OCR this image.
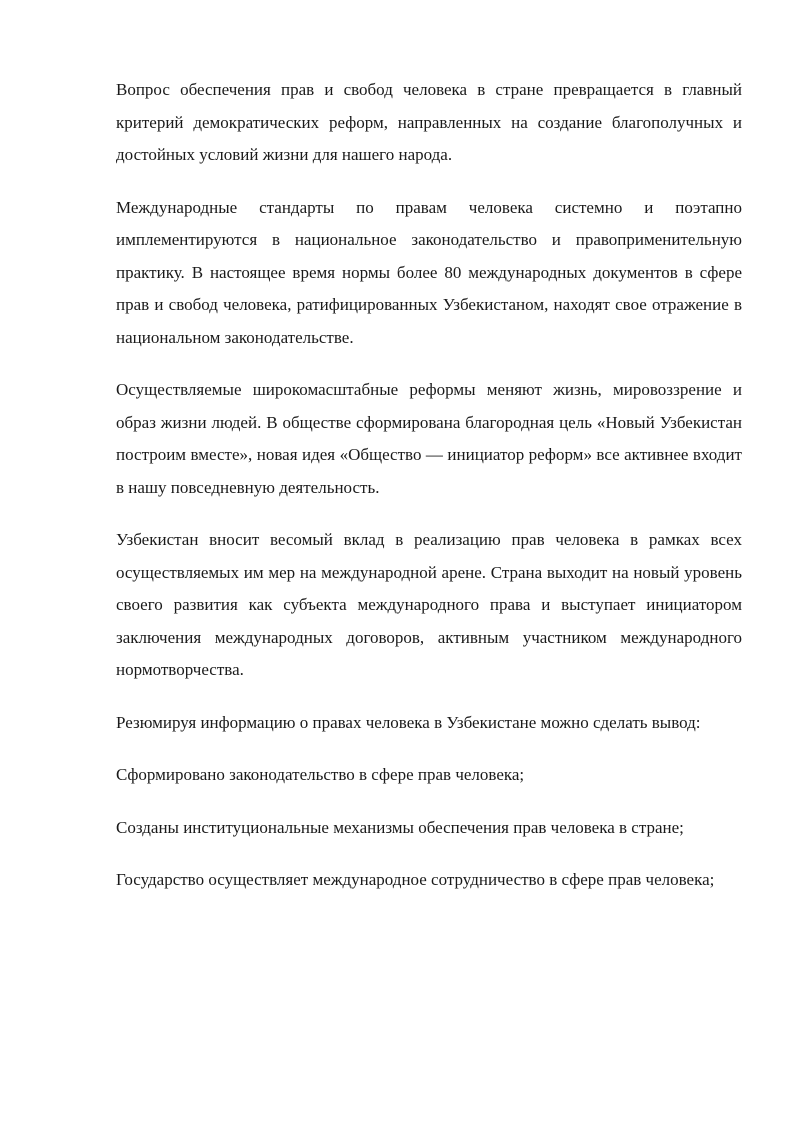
Вопрос обеспечения прав и свобод человека в стране превращается в главный критерий демократических реформ, направленных на создание благополучных и достойных условий жизни для нашего народа.

Международные стандарты по правам человека системно и поэтапно имплементируются в национальное законодательство и правоприменительную практику. В настоящее время нормы более 80 международных документов в сфере прав и свобод человека, ратифицированных Узбекистаном, находят свое отражение в национальном законодательстве.

Осуществляемые широкомасштабные реформы меняют жизнь, мировоззрение и образ жизни людей. В обществе сформирована благородная цель «Новый Узбекистан построим вместе», новая идея «Общество — инициатор реформ» все активнее входит в нашу повседневную деятельность.

Узбекистан вносит весомый вклад в реализацию прав человека в рамках всех осуществляемых им мер на международной арене. Страна выходит на новый уровень своего развития как субъекта международного права и выступает инициатором заключения международных договоров, активным участником международного нормотворчества.

Резюмируя информацию о правах человека в Узбекистане можно сделать вывод:

Сформировано законодательство в сфере прав человека;

Созданы институциональные механизмы обеспечения прав человека в стране;

Государство осуществляет международное сотрудничество в сфере прав человека;
